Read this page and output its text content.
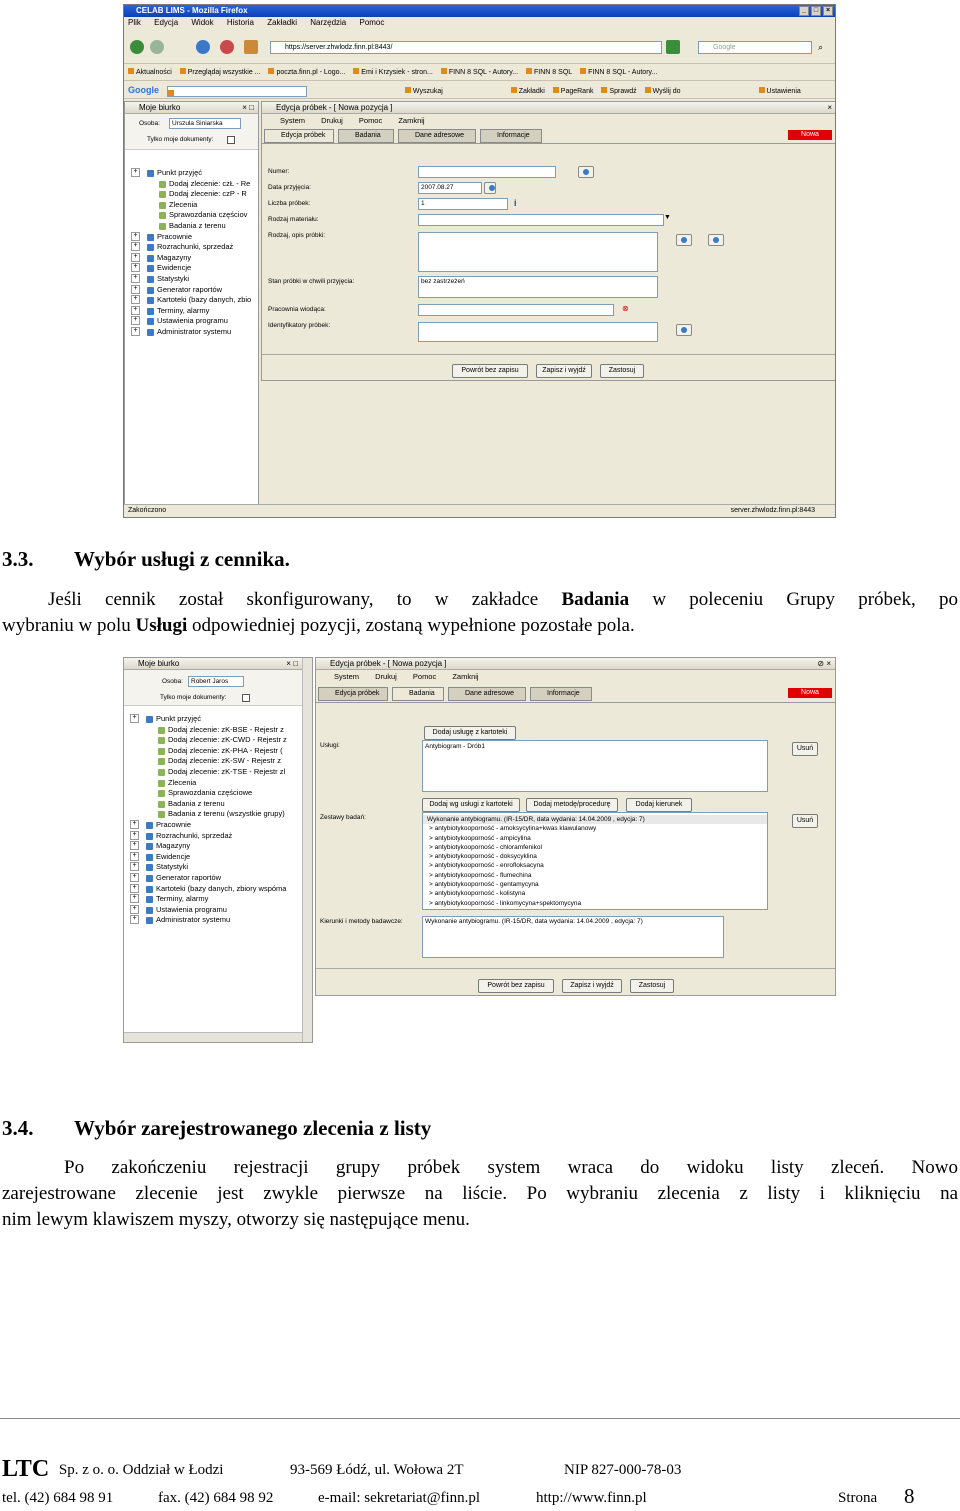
CELAB LIMS - Mozilla Firefox	_	□	×
Plik Edycja Widok Historia Zakładki Narzędzia Pomoc
https://server.zhwlodz.finn.pl:8443/	Google	⌕
Aktualności Przeglądaj wszystkie ... poczta.finn.pl - Logo... Emi i Krzysiek - stron... FINN 8 SQL - Autory... FINN 8 SQL FINN 8 SQL - Autory...
Google	Wyszukaj	Zakładki PageRank Sprawdź Wyślij do	Ustawienia
Moje biurko	× □
Osoba:	Urszula Siniarska
Tylko moje dokumenty:
Punkt przyjęć +
Dodaj zlecenie: czŁ - Re
Dodaj zlecenie: czP - R
Zlecenia
Sprawozdania częściov
Badania z terenu
Pracownie +
Rozrachunki, sprzedaż +
Magazyny +
Ewidencje +
Statystyki +
Generator raportów +
Kartoteki (bazy danych, zbio +
Terminy, alarmy +
Ustawienia programu +
Administrator systemu +
Edycja próbek - [ Nowa pozycja ]	×
System Drukuj Pomoc Zamknij
Edycja próbek	Badania	Dane adresowe	Informacje	Nowa
Numer:
Data przyjęcia:	2007.08.27
Liczba próbek:	1	i
Rodzaj materiału:	▼
Rodzaj, opis próbki:
Stan próbki w chwili przyjęcia:	bez zastrzeżeń
Pracownia wiodąca:	⊗
Identyfikatory próbek:
Powrót bez zapisu	Zapisz i wyjdź	Zastosuj
Zakończono	server.zhwlodz.finn.pl:8443
3.3. Wybór usługi z cennika.
Jeśli cennik został skonfigurowany, to w zakładce Badania w poleceniu Grupy próbek, po
wybraniu w polu Usługi odpowiedniej pozycji, zostaną wypełnione pozostałe pola.
Moje biurko	× □
Osoba:	Robert Jaros
Tylko moje dokumenty:
Punkt przyjęć +
Dodaj zlecenie: zK-BSE - Rejestr z
Dodaj zlecenie: zK-CWD - Rejestr z
Dodaj zlecenie: zK-PHA - Rejestr (
Dodaj zlecenie: zK-SW - Rejestr z
Dodaj zlecenie: zK-TSE - Rejestr zl
Zlecenia
Sprawozdania częściowe
Badania z terenu
Badania z terenu (wszystkie grupy)
Pracownie +
Rozrachunki, sprzedaż +
Magazyny +
Ewidencje +
Statystyki +
Generator raportów +
Kartoteki (bazy danych, zbiory wspóma +
Terminy, alarmy +
Ustawienia programu +
Administrator systemu +
Edycja próbek - [ Nowa pozycja ]	⊘ ×
System Drukuj Pomoc Zamknij
Edycja próbek	Badania	Dane adresowe	Informacje	Nowa
Dodaj usługę z kartoteki
Usługi:	Antybiogram - Drób1	Usuń
Dodaj wg usługi z kartoteki	Dodaj metodę/procedurę	Dodaj kierunek
Zestawy badań:	Wykonanie antybiogramu. (IR-15/DR, data wydania: 14.04.2009 , edycja: 7)
> antybiotykooporność - amoksycylina+kwas klawulanowy
> antybiotykooporność - ampicylina
> antybiotykooporność - chloramfenikol
> antybiotykooporność - doksycyklina
> antybiotykooporność - enrofloksacyna
> antybiotykooporność - flumechina
> antybiotykooporność - gentamycyna
> antybiotykooporność - kolistyna
> antybiotykooporność - linkomycyna+spektomycyna
Usuń
Kierunki i metody badawcze:	Wykonanie antybiogramu. (IR-15/DR, data wydania: 14.04.2009 , edycja: 7)
Powrót bez zapisu	Zapisz i wyjdź	Zastosuj
3.4. Wybór zarejestrowanego zlecenia z listy
Po zakończeniu rejestracji grupy próbek system wraca do widoku listy zleceń. Nowo
zarejestrowane zlecenie jest zwykle pierwsze na liście. Po wybraniu zlecenia z listy i kliknięciu na
nim lewym klawiszem myszy, otworzy się następujące menu.
LTC Sp. z o. o. Oddział w Łodzi	93-569 Łódź, ul. Wołowa 2T	NIP 827-000-78-03
tel. (42) 684 98 91	fax. (42) 684 98 92	e-mail: sekretariat@finn.pl	http://www.finn.pl	Strona 8
